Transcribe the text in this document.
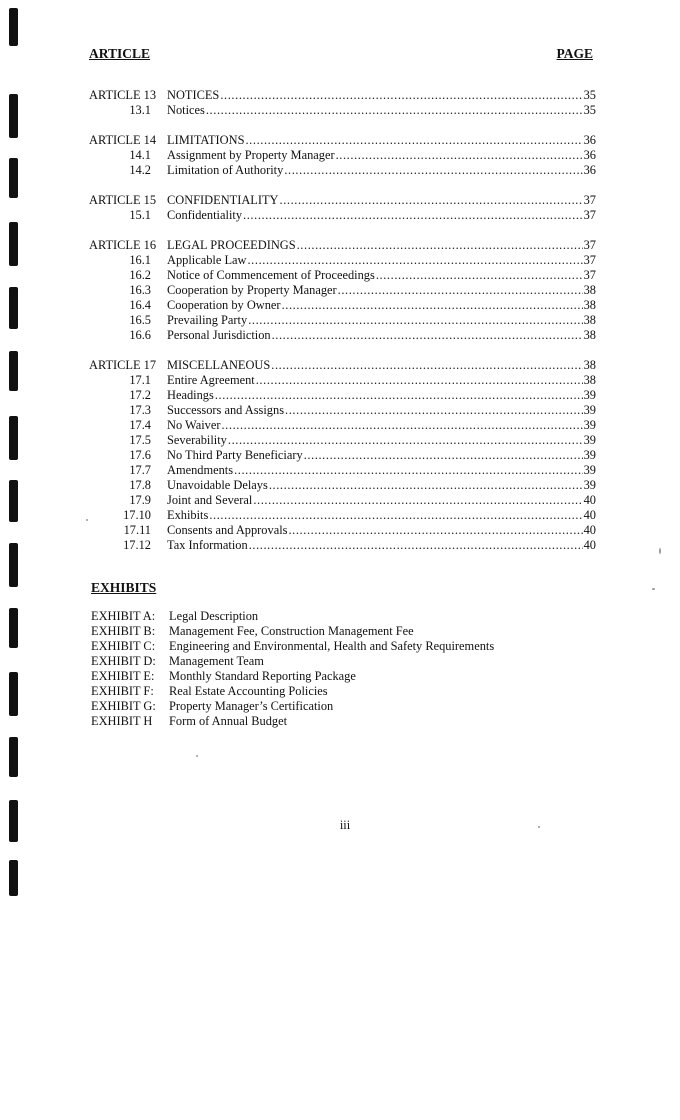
ARTICLE	PAGE
ARTICLE 13 NOTICES .....	35
13.1 Notices .....	35
ARTICLE 14 LIMITATIONS .....	36
14.1 Assignment by Property Manager .....	36
14.2 Limitation of Authority .....	36
ARTICLE 15 CONFIDENTIALITY .....	37
15.1 Confidentiality .....	37
ARTICLE 16 LEGAL PROCEEDINGS .....	37
16.1 Applicable Law .....	37
16.2 Notice of Commencement of Proceedings .....	37
16.3 Cooperation by Property Manager .....	38
16.4 Cooperation by Owner .....	38
16.5 Prevailing Party .....	38
16.6 Personal Jurisdiction .....	38
ARTICLE 17 MISCELLANEOUS .....	38
17.1 Entire Agreement .....	38
17.2 Headings .....	39
17.3 Successors and Assigns .....	39
17.4 No Waiver .....	39
17.5 Severability .....	39
17.6 No Third Party Beneficiary .....	39
17.7 Amendments .....	39
17.8 Unavoidable Delays .....	39
17.9 Joint and Several .....	40
17.10 Exhibits .....	40
17.11 Consents and Approvals .....	40
17.12 Tax Information .....	40
EXHIBITS
EXHIBIT A: Legal Description
EXHIBIT B: Management Fee, Construction Management Fee
EXHIBIT C: Engineering and Environmental, Health and Safety Requirements
EXHIBIT D: Management Team
EXHIBIT E: Monthly Standard Reporting Package
EXHIBIT F: Real Estate Accounting Policies
EXHIBIT G: Property Manager’s Certification
EXHIBIT H Form of Annual Budget
iii
